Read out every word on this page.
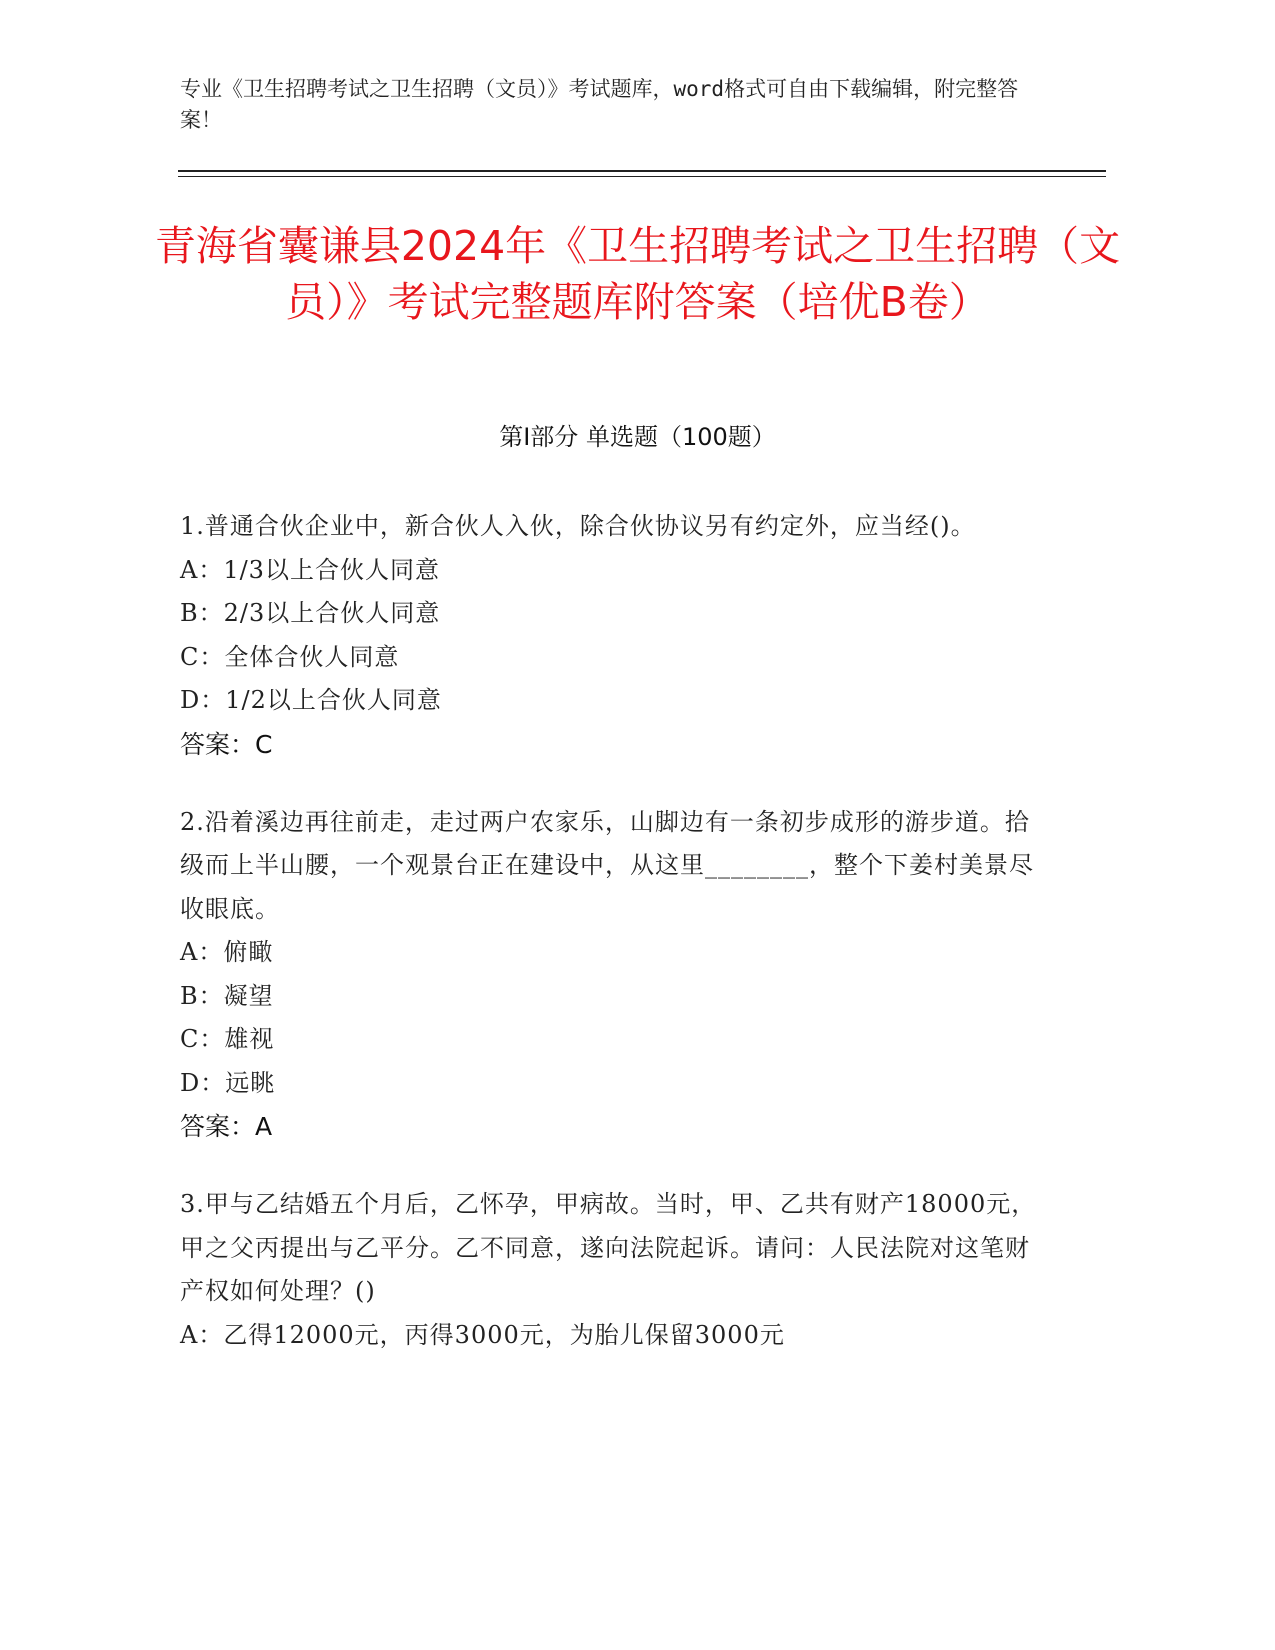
专业《卫生招聘考试之卫生招聘（文员）》考试题库，word格式可自由下载编辑，附完整答案！
青海省囊谦县2024年《卫生招聘考试之卫生招聘（文员）》考试完整题库附答案（培优B卷）
第Ⅰ部分 单选题（100题）
1.普通合伙企业中，新合伙人入伙，除合伙协议另有约定外，应当经()。
A：1/3以上合伙人同意
B：2/3以上合伙人同意
C：全体合伙人同意
D：1/2以上合伙人同意
答案：C
2.沿着溪边再往前走，走过两户农家乐，山脚边有一条初步成形的游步道。拾级而上半山腰，一个观景台正在建设中，从这里________，整个下姜村美景尽收眼底。
A：俯瞰
B：凝望
C：雄视
D：远眺
答案：A
3.甲与乙结婚五个月后，乙怀孕，甲病故。当时，甲、乙共有财产18000元，甲之父丙提出与乙平分。乙不同意，遂向法院起诉。请问：人民法院对这笔财产权如何处理？()
A：乙得12000元，丙得3000元，为胎儿保留3000元
